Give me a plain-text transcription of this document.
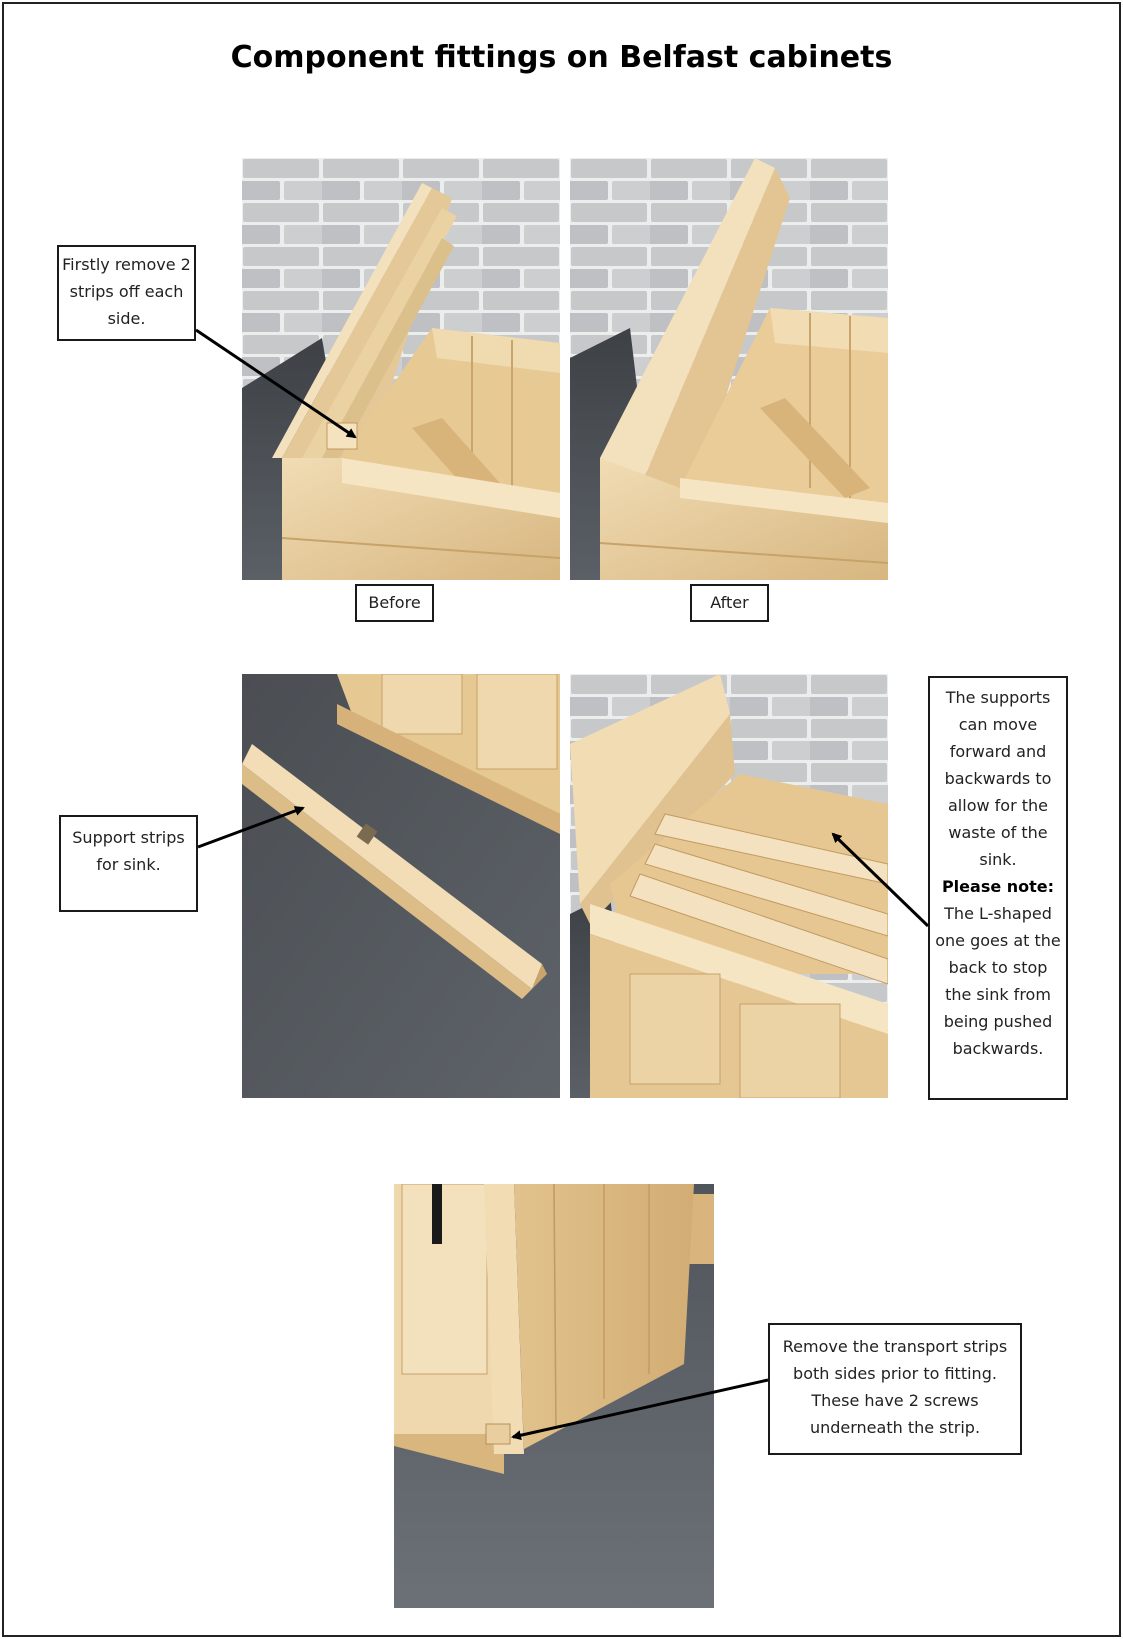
Component fittings on Belfast cabinets
Firstly remove 2
strips off each
side.
Before	After
Support strips
for sink.
The supports
can move
forward and
backwards to
allow for the
waste of the
sink.
Please note:
The L-shaped
one goes at the
back to stop
the sink from
being pushed
backwards.
Remove the transport strips
both sides prior to fitting.
These have 2 screws
underneath the strip.
